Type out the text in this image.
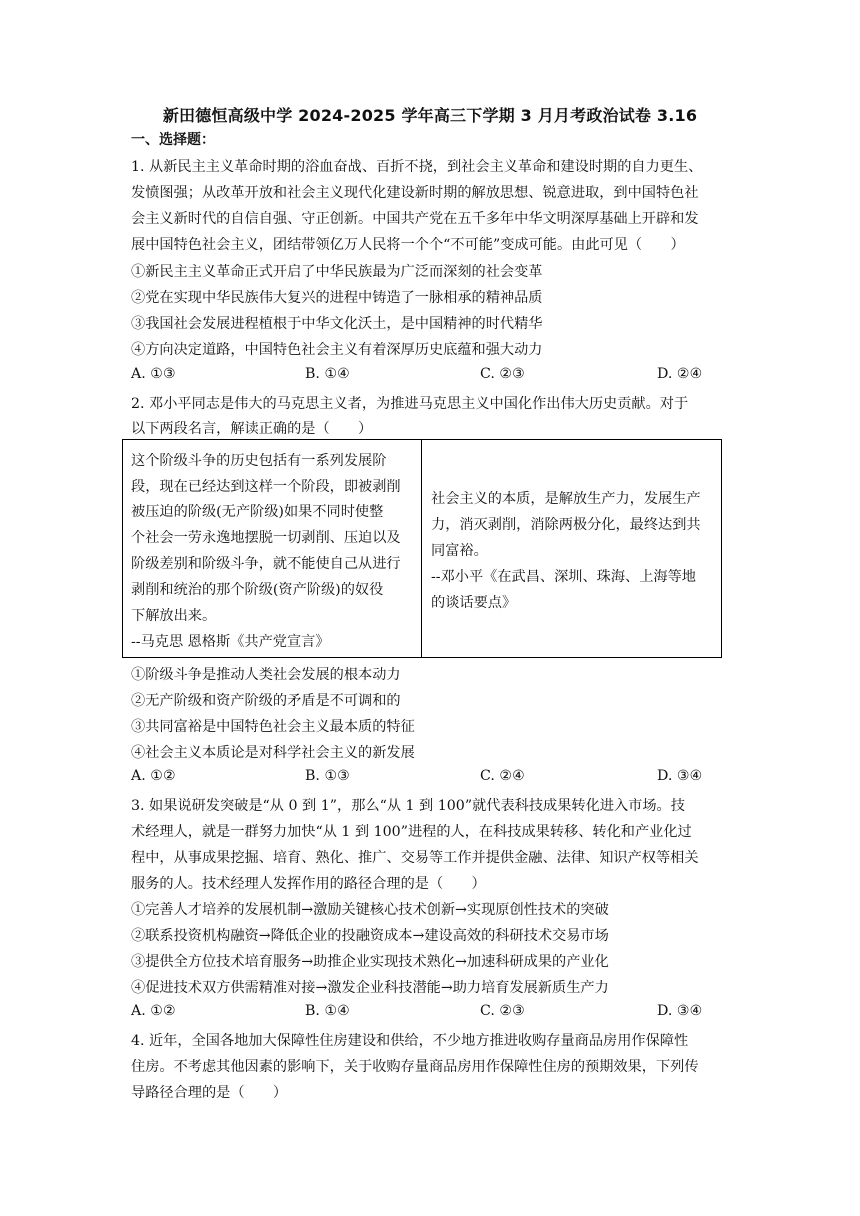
新田德恒高级中学 2024-2025 学年高三下学期 3 月月考政治试卷 3.16
一、选择题：
1. 从新民主主义革命时期的浴血奋战、百折不挠，到社会主义革命和建设时期的自力更生、
发愤图强；从改革开放和社会主义现代化建设新时期的解放思想、锐意进取，到中国特色社
会主义新时代的自信自强、守正创新。中国共产党在五千多年中华文明深厚基础上开辟和发
展中国特色社会主义，团结带领亿万人民将一个个“不可能”变成可能。由此可见（　　）
①新民主主义革命正式开启了中华民族最为广泛而深刻的社会变革
②党在实现中华民族伟大复兴的进程中铸造了一脉相承的精神品质
③我国社会发展进程植根于中华文化沃土，是中国精神的时代精华
④方向决定道路，中国特色社会主义有着深厚历史底蕴和强大动力
A. ①③	B. ①④	C. ②③	D. ②④
2. 邓小平同志是伟大的马克思主义者，为推进马克思主义中国化作出伟大历史贡献。对于
以下两段名言，解读正确的是（　　）
这个阶级斗争的历史包括有一系列发展阶
段，现在已经达到这样一个阶段，即被剥削
被压迫的阶级(无产阶级)如果不同时使整
个社会一劳永逸地摆脱一切剥削、压迫以及
阶级差别和阶级斗争，就不能使自己从进行
剥削和统治的那个阶级(资产阶级)的奴役
下解放出来。
--马克思 恩格斯《共产党宣言》
社会主义的本质，是解放生产力，发展生产
力，消灭剥削，消除两极分化，最终达到共
同富裕。
--邓小平《在武昌、深圳、珠海、上海等地
的谈话要点》
①阶级斗争是推动人类社会发展的根本动力
②无产阶级和资产阶级的矛盾是不可调和的
③共同富裕是中国特色社会主义最本质的特征
④社会主义本质论是对科学社会主义的新发展
A. ①②	B. ①③	C. ②④	D. ③④
3. 如果说研发突破是“从 0 到 1”，那么“从 1 到 100”就代表科技成果转化进入市场。技
术经理人，就是一群努力加快“从 1 到 100”进程的人，在科技成果转移、转化和产业化过
程中，从事成果挖掘、培育、熟化、推广、交易等工作并提供金融、法律、知识产权等相关
服务的人。技术经理人发挥作用的路径合理的是（　　）
①完善人才培养的发展机制→激励关键核心技术创新→实现原创性技术的突破
②联系投资机构融资→降低企业的投融资成本→建设高效的科研技术交易市场
③提供全方位技术培育服务→助推企业实现技术熟化→加速科研成果的产业化
④促进技术双方供需精准对接→激发企业科技潜能→助力培育发展新质生产力
A. ①②	B. ①④	C. ②③	D. ③④
4. 近年，全国各地加大保障性住房建设和供给，不少地方推进收购存量商品房用作保障性
住房。不考虑其他因素的影响下，关于收购存量商品房用作保障性住房的预期效果，下列传
导路径合理的是（　　）
